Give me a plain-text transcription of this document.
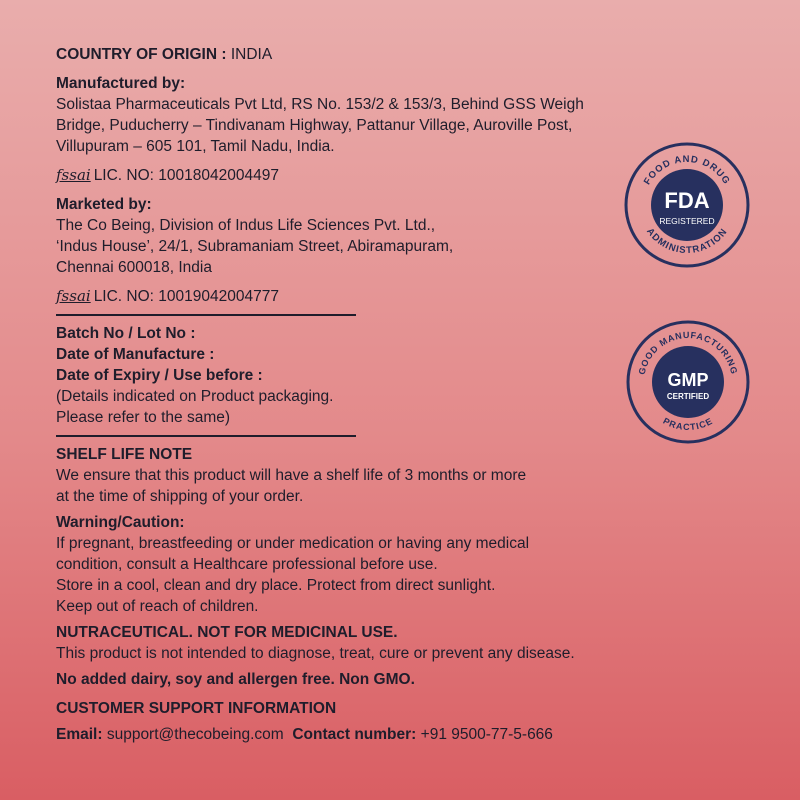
COUNTRY OF ORIGIN : INDIA
Manufactured by:
Solistaa Pharmaceuticals Pvt Ltd, RS No. 153/2 & 153/3, Behind GSS Weigh
Bridge, Puducherry – Tindivanam Highway, Pattanur Village, Auroville Post,
Villupuram – 605 101, Tamil Nadu, India.
fssai LIC. NO: 10018042004497
Marketed by:
The Co Being, Division of Indus Life Sciences Pvt. Ltd.,
‘Indus House’, 24/1, Subramaniam Street, Abiramapuram,
Chennai 600018, India
fssai LIC. NO: 10019042004777
Batch No / Lot No :
Date of Manufacture :
Date of Expiry / Use before :
(Details indicated on Product packaging.
Please refer to the same)
SHELF LIFE NOTE
We ensure that this product will have a shelf life of 3 months or more
at the time of shipping of your order.
Warning/Caution:
If pregnant, breastfeeding or under medication or having any medical
condition, consult a Healthcare professional before use.
Store in a cool, clean and dry place. Protect from direct sunlight.
Keep out of reach of children.
NUTRACEUTICAL. NOT FOR MEDICINAL USE.
This product is not intended to diagnose, treat, cure or prevent any disease.
No added dairy, soy and allergen free. Non GMO.
CUSTOMER SUPPORT INFORMATION
Email: support@thecobeing.com Contact number: +91 9500-77-5-666
FOOD AND DRUG
ADMINISTRATION
FDA
REGISTERED
GOOD MANUFACTURING
PRACTICE
GMP
CERTIFIED
